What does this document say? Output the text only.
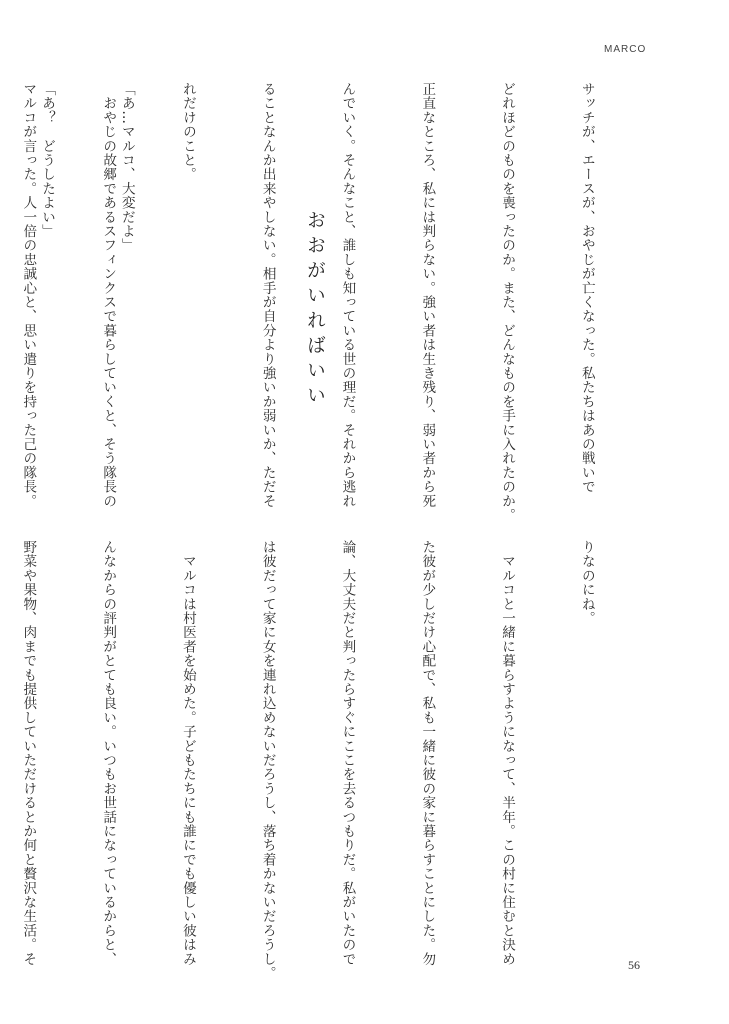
MARCO

サッチが、エースが、おやじが亡くなった。私たちはあの戦いで

どれほどのものを喪ったのか。また、どんなものを手に入れたのか。

正直なところ、私には判らない。強い者は生き残り、弱い者から死

んでいく。そんなこと、誰しも知っている世の理だ。それから逃れ

ることなんか出来やしない。相手が自分より強いか弱いか、ただそ

れだけのこと。

　おやじの故郷であるスフィンクスで暮らしていくと、そう隊長の

マルコが言った。人一倍の忠誠心と、思い遣りを持った己の隊長。

	おおがいればいい

「あ…マルコ、大変だよ」

「あ？　どうしたよい」

りなのにね。

　マルコと一緒に暮らすようになって、半年。この村に住むと決め

た彼が少しだけ心配で、私も一緒に彼の家に暮らすことにした。勿

論、大丈夫だと判ったらすぐにここを去るつもりだ。私がいたので

は彼だって家に女を連れ込めないだろうし、落ち着かないだろうし。

　マルコは村医者を始めた。子どもたちにも誰にでも優しい彼はみ

んなからの評判がとても良い。いつもお世話になっているからと、

野菜や果物、肉までも提供していただけるとか何と贅沢な生活。そ

	56
